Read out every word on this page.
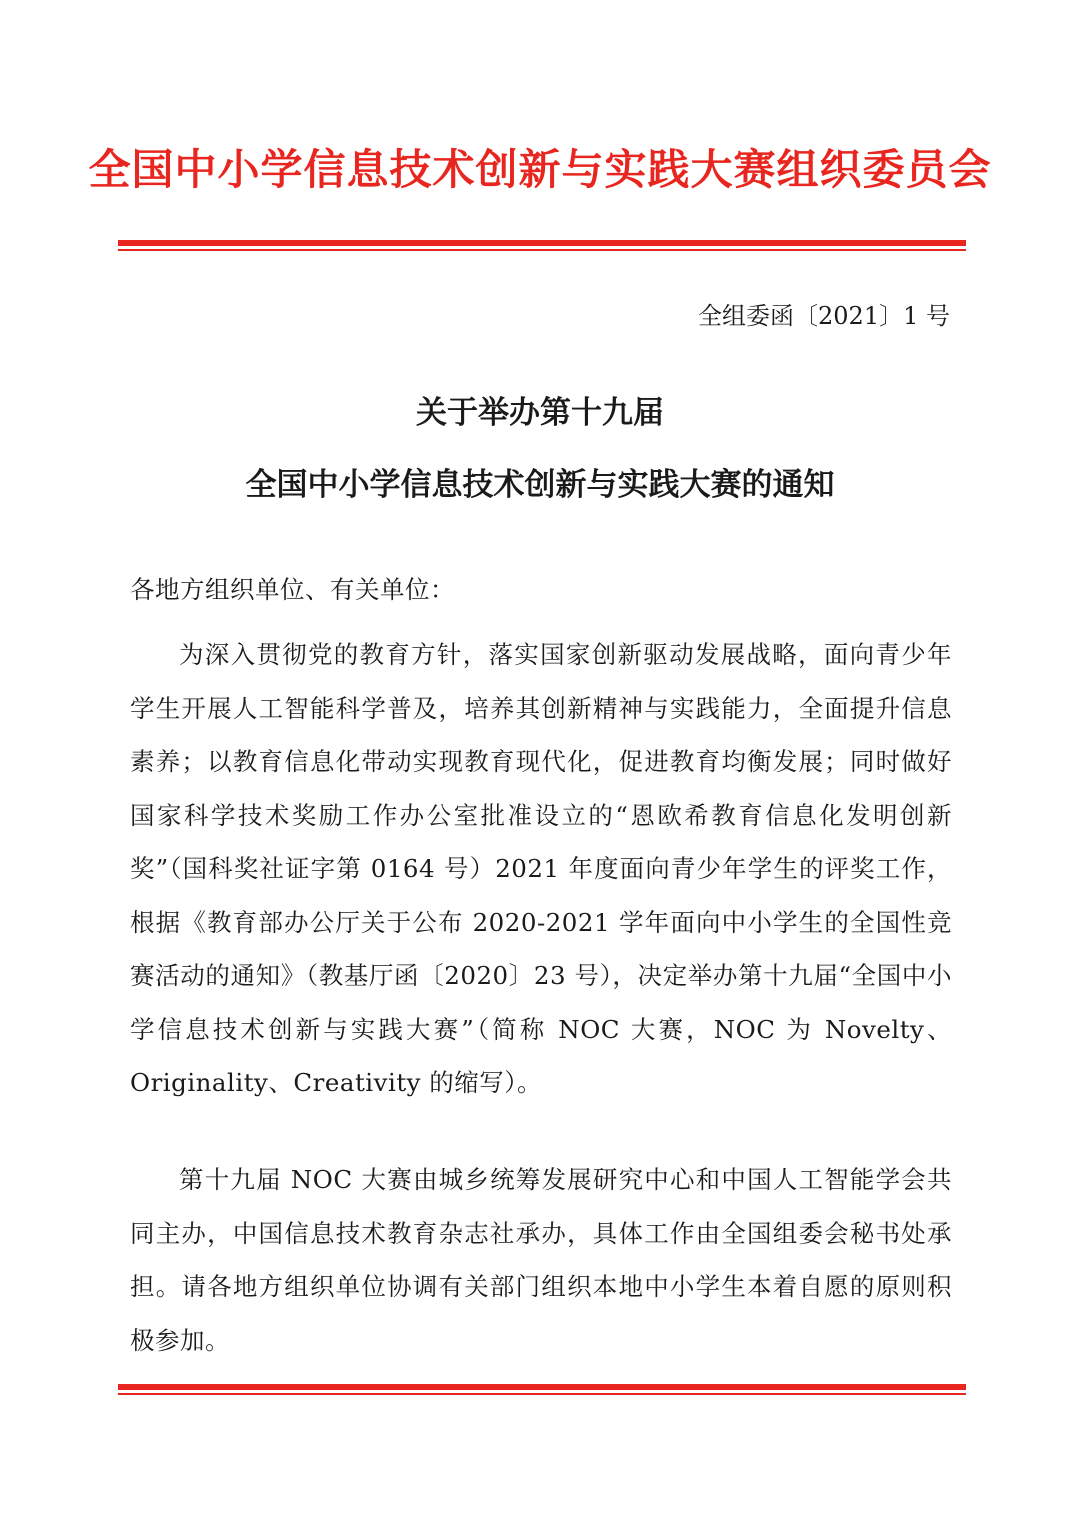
全国中小学信息技术创新与实践大赛组织委员会
全组委函〔2021〕1 号
关于举办第十九届
全国中小学信息技术创新与实践大赛的通知
各地方组织单位、有关单位：
为深入贯彻党的教育方针，落实国家创新驱动发展战略，面向青少年学生开展人工智能科学普及，培养其创新精神与实践能力，全面提升信息素养；以教育信息化带动实现教育现代化，促进教育均衡发展；同时做好国家科学技术奖励工作办公室批准设立的“恩欧希教育信息化发明创新奖”（国科奖社证字第 0164 号）2021 年度面向青少年学生的评奖工作，根据《教育部办公厅关于公布 2020-2021 学年面向中小学生的全国性竞赛活动的通知》（教基厅函〔2020〕23 号），决定举办第十九届“全国中小学信息技术创新与实践大赛”（简称 NOC 大赛，NOC 为 Novelty、Originality、Creativity 的缩写）。
第十九届 NOC 大赛由城乡统筹发展研究中心和中国人工智能学会共同主办，中国信息技术教育杂志社承办，具体工作由全国组委会秘书处承担。请各地方组织单位协调有关部门组织本地中小学生本着自愿的原则积极参加。
